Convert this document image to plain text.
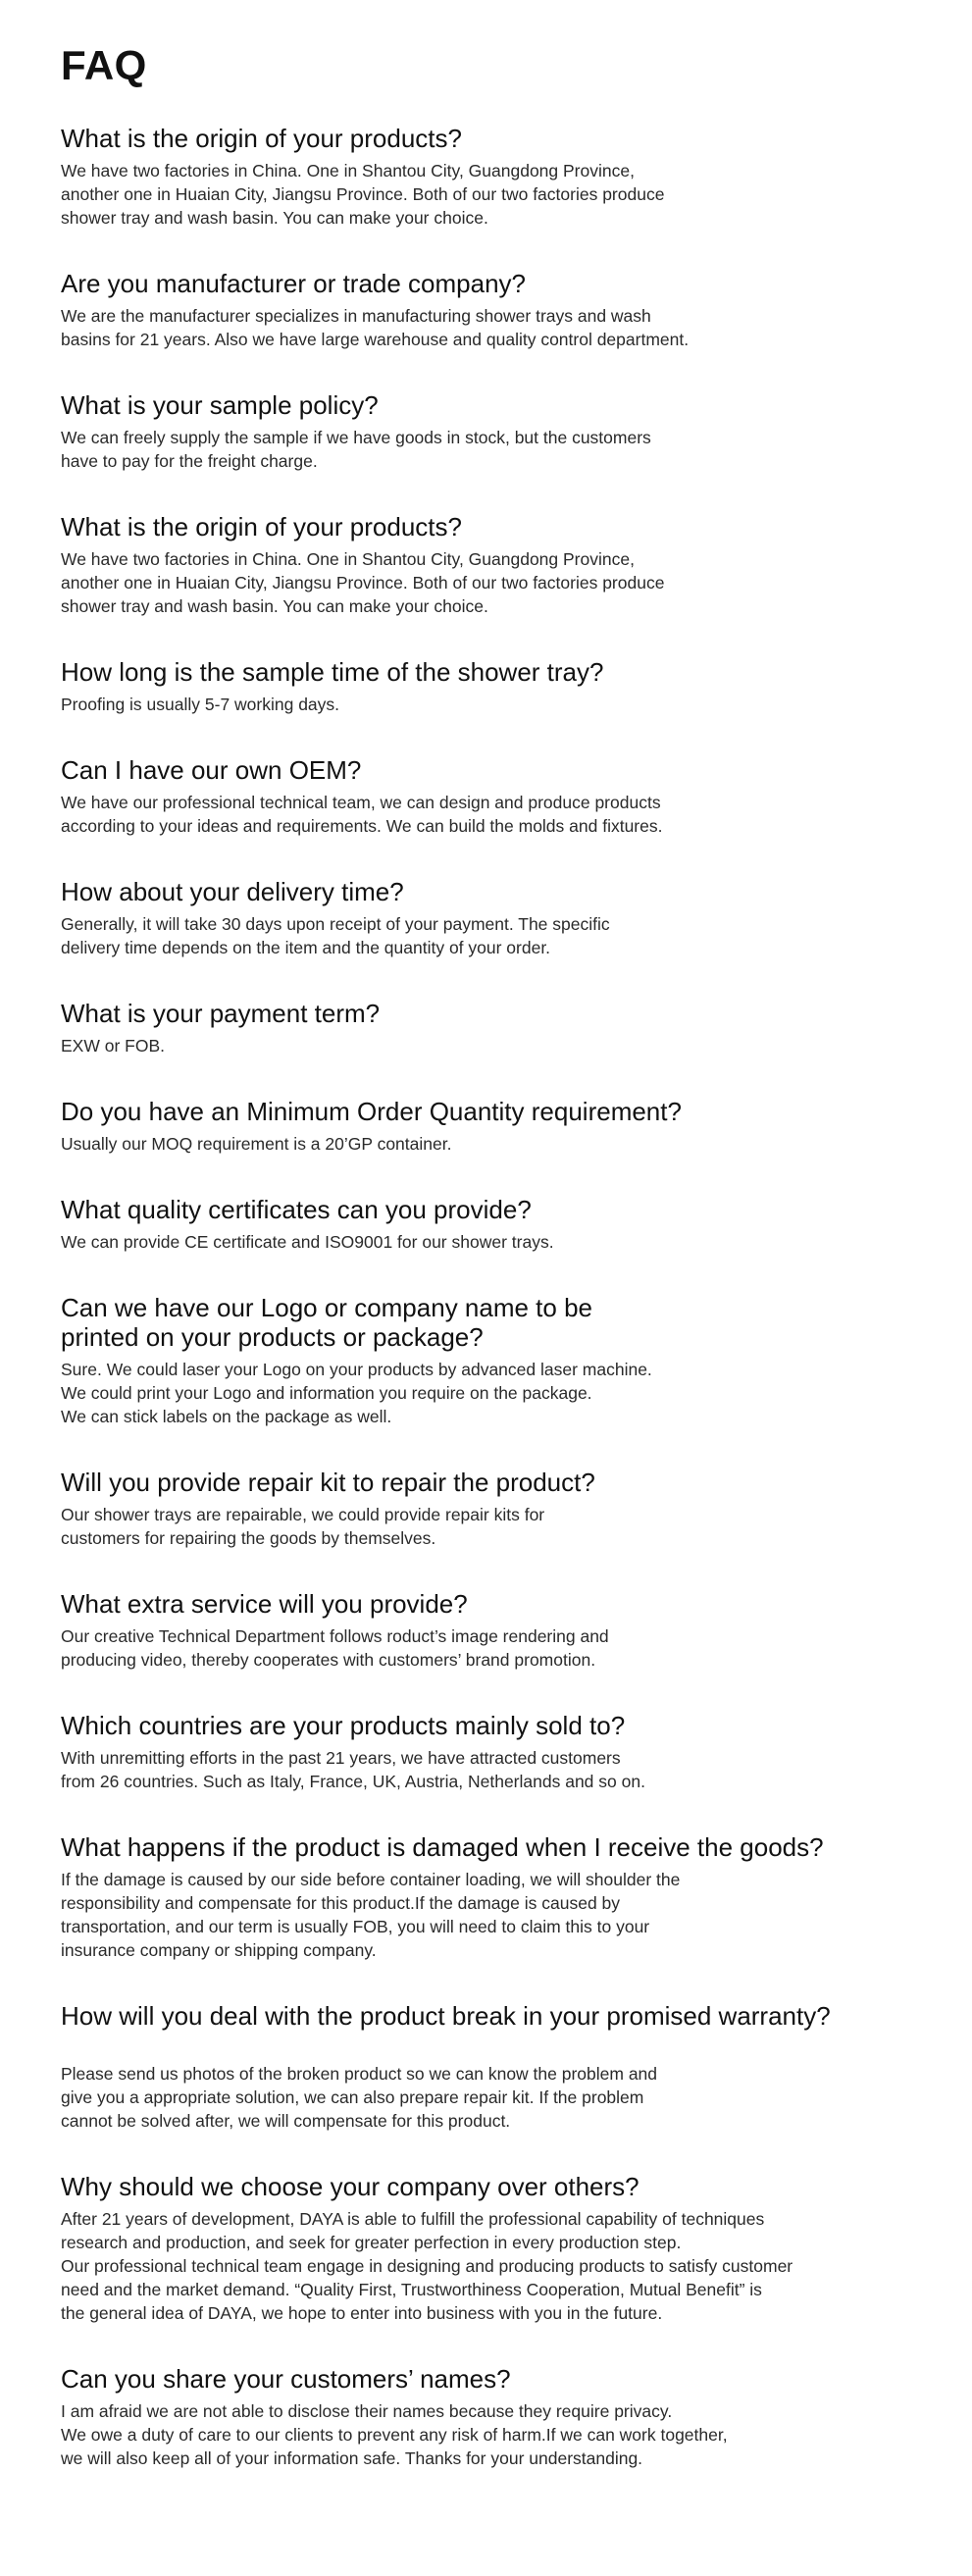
FAQ
What is the origin of your products?

We have two factories in China. One in Shantou City, Guangdong Province,
another one in Huaian City, Jiangsu Province. Both of our two factories produce
shower tray and wash basin. You can make your choice.

Are you manufacturer or trade company?

We are the manufacturer specializes in manufacturing shower trays and wash
basins for 21 years. Also we have large warehouse and quality control department.

What is your sample policy?

We can freely supply the sample if we have goods in stock, but the customers
have to pay for the freight charge.

What is the origin of your products?

We have two factories in China. One in Shantou City, Guangdong Province,
another one in Huaian City, Jiangsu Province. Both of our two factories produce
shower tray and wash basin. You can make your choice.

How long is the sample time of the shower tray?

Proofing is usually 5-7 working days.

Can I have our own OEM?

We have our professional technical team, we can design and produce products
according to your ideas and requirements. We can build the molds and fixtures.

How about your delivery time?

Generally, it will take 30 days upon receipt of your payment. The specific
delivery time depends on the item and the quantity of your order.

What is your payment term?

EXW or FOB.

Do you have an Minimum Order Quantity requirement?

Usually our MOQ requirement is a 20’GP container.

What quality certificates can you provide?

We can provide CE certificate and ISO9001 for our shower trays.

Can we have our Logo or company name to be
printed on your products or package?

Sure. We could laser your Logo on your products by advanced laser machine.
We could print your Logo and information you require on the package.
We can stick labels on the package as well.

Will you provide repair kit to repair the product?

Our shower trays are repairable, we could provide repair kits for
customers for repairing the goods by themselves.

What extra service will you provide?

Our creative Technical Department follows roduct’s image rendering and
producing video, thereby cooperates with customers’ brand promotion.

Which countries are your products mainly sold to?

With unremitting efforts in the past 21 years, we have attracted customers
from 26 countries. Such as Italy, France, UK, Austria, Netherlands and so on.

What happens if the product is damaged when I receive the goods?

If the damage is caused by our side before container loading, we will shoulder the
responsibility and compensate for this product.If the damage is caused by
transportation, and our term is usually FOB, you will need to claim this to your
insurance company or shipping company.

How will you deal with the product break in your promised warranty?

Please send us photos of the broken product so we can know the problem and
give you a appropriate solution, we can also prepare repair kit. If the problem
cannot be solved after, we will compensate for this product.

Why should we choose your company over others?

After 21 years of development, DAYA is able to fulfill the professional capability of techniques
research and production, and seek for greater perfection in every production step.
Our professional technical team engage in designing and producing products to satisfy customer
need and the market demand. “Quality First, Trustworthiness Cooperation, Mutual Benefit” is
the general idea of DAYA, we hope to enter into business with you in the future.

Can you share your customers’ names?

I am afraid we are not able to disclose their names because they require privacy.
We owe a duty of care to our clients to prevent any risk of harm.If we can work together,
we will also keep all of your information safe. Thanks for your understanding.
